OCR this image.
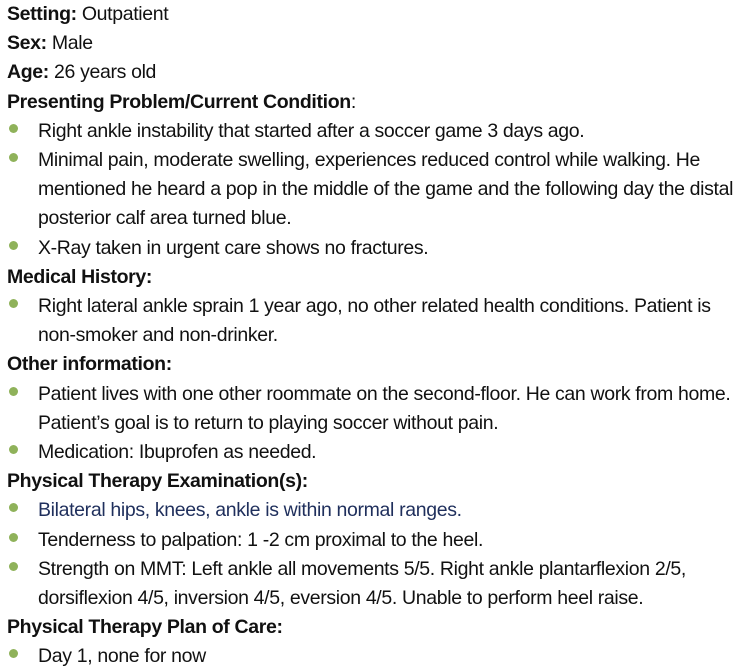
Setting: Outpatient
Sex: Male
Age: 26 years old
Presenting Problem/Current Condition:
Right ankle instability that started after a soccer game 3 days ago.
Minimal pain, moderate swelling, experiences reduced control while walking. He mentioned he heard a pop in the middle of the game and the following day the distal posterior calf area turned blue.
X-Ray taken in urgent care shows no fractures.
Medical History:
Right lateral ankle sprain 1 year ago, no other related health conditions. Patient is non-smoker and non-drinker.
Other information:
Patient lives with one other roommate on the second-floor. He can work from home. Patient’s goal is to return to playing soccer without pain.
Medication: Ibuprofen as needed.
Physical Therapy Examination(s):
Bilateral hips, knees, ankle is within normal ranges.
Tenderness to palpation: 1 -2 cm proximal to the heel.
Strength on MMT: Left ankle all movements 5/5. Right ankle plantarflexion 2/5, dorsiflexion 4/5, inversion 4/5, eversion 4/5. Unable to perform heel raise.
Physical Therapy Plan of Care:
Day 1, none for now
